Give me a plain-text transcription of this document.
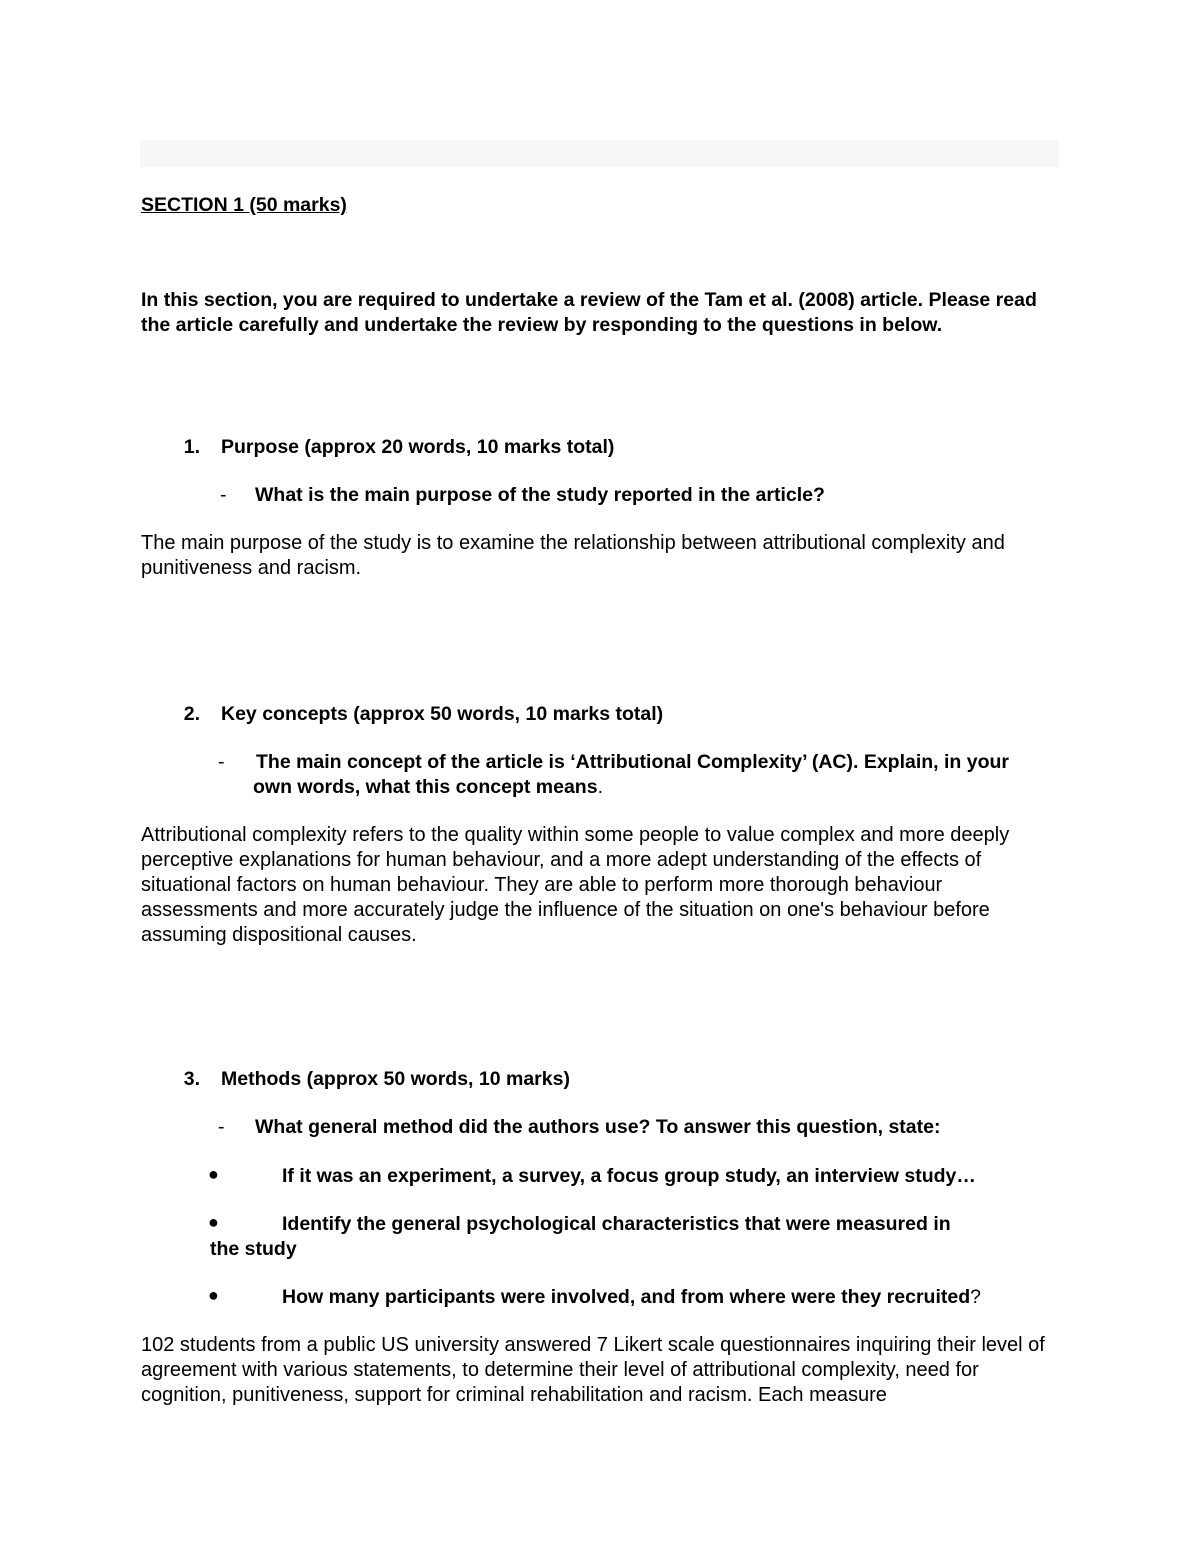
SECTION 1 (50 marks)

In this section, you are required to undertake a review of the Tam et al. (2008) article. Please read the article carefully and undertake the review by responding to the questions in below.

1. Purpose (approx 20 words, 10 marks total)
-	What is the main purpose of the study reported in the article?

The main purpose of the study is to examine the relationship between attributional complexity and punitiveness and racism.

2. Key concepts (approx 50 words, 10 marks total)
-	The main concept of the article is ‘Attributional Complexity’ (AC). Explain, in your own words, what this concept means.

Attributional complexity refers to the quality within some people to value complex and more deeply perceptive explanations for human behaviour, and a more adept understanding of the effects of situational factors on human behaviour. They are able to perform more thorough behaviour assessments and more accurately judge the influence of the situation on one's behaviour before assuming dispositional causes.

3. Methods (approx 50 words, 10 marks)
-	What general method did the authors use? To answer this question, state:
●	If it was an experiment, a survey, a focus group study, an interview study…
●	Identify the general psychological characteristics that were measured in
the study
●	How many participants were involved, and from where were they recruited?

102 students from a public US university answered 7 Likert scale questionnaires inquiring their level of agreement with various statements, to determine their level of attributional complexity, need for cognition, punitiveness, support for criminal rehabilitation and racism. Each measure
